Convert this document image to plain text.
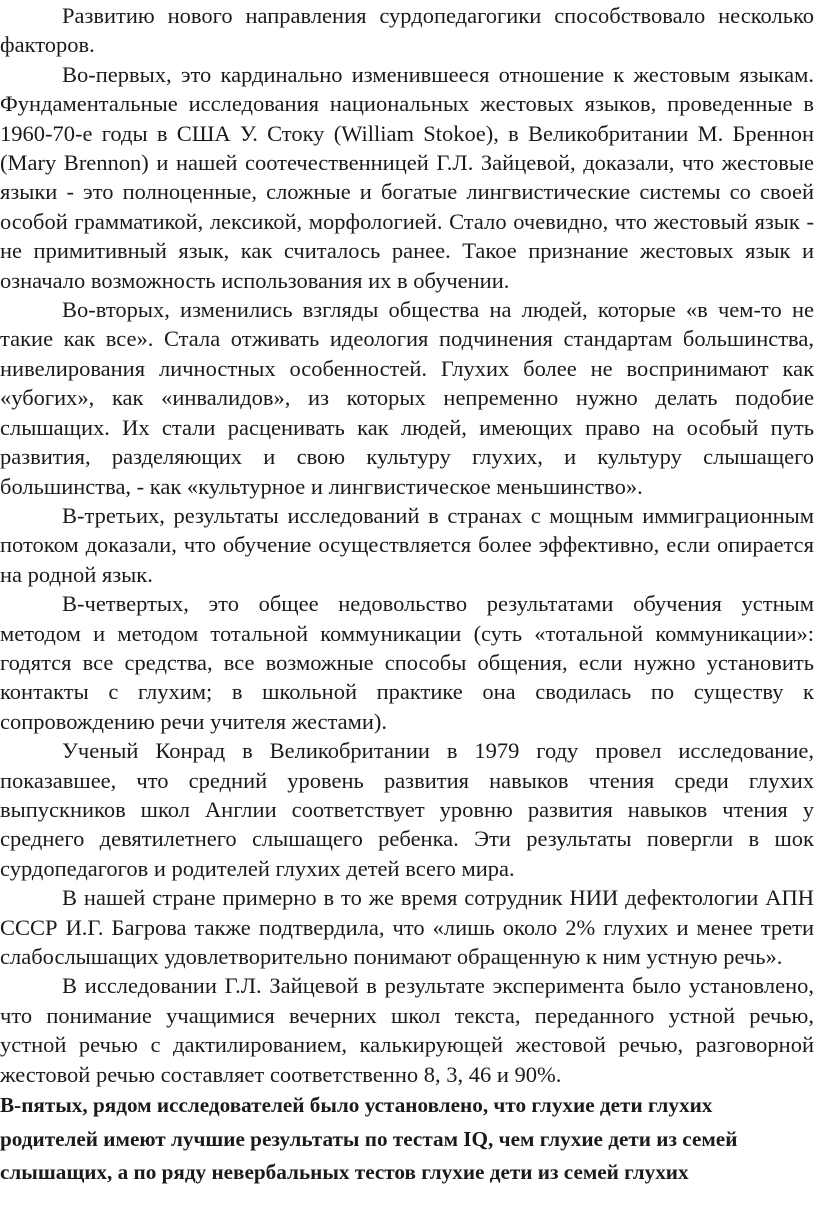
Развитию нового направления сурдопедагогики способствовало несколько факторов.

Во-первых, это кардинально изменившееся отношение к жестовым языкам. Фундаментальные исследования национальных жестовых языков, проведенные в 1960-70-е годы в США У. Стоку (William Stokoe), в Великобритании М. Бреннон (Mary Brennon) и нашей соотечественницей Г.Л. Зайцевой, доказали, что жестовые языки - это полноценные, сложные и богатые лингвистические системы со своей особой грамматикой, лексикой, морфологией. Стало очевидно, что жестовый язык - не примитивный язык, как считалось ранее. Такое признание жестовых язык и означало возможность использования их в обучении.

Во-вторых, изменились взгляды общества на людей, которые «в чем-то не такие как все». Стала отживать идеология подчинения стандартам большинства, нивелирования личностных особенностей. Глухих более не воспринимают как «убогих», как «инвалидов», из которых непременно нужно делать подобие слышащих. Их стали расценивать как людей, имеющих право на особый путь развития, разделяющих и свою культуру глухих, и культуру слышащего большинства, - как «культурное и лингвистическое меньшинство».

В-третьих, результаты исследований в странах с мощным иммиграционным потоком доказали, что обучение осуществляется более эффективно, если опирается на родной язык.

В-четвертых, это общее недовольство результатами обучения устным методом и методом тотальной коммуникации (суть «тотальной коммуникации»: годятся все средства, все возможные способы общения, если нужно установить контакты с глухим; в школьной практике она сводилась по существу к сопровождению речи учителя жестами).

Ученый Конрад в Великобритании в 1979 году провел исследование, показавшее, что средний уровень развития навыков чтения среди глухих выпускников школ Англии соответствует уровню развития навыков чтения у среднего девятилетнего слышащего ребенка. Эти результаты повергли в шок сурдопедагогов и родителей глухих детей всего мира.

В нашей стране примерно в то же время сотрудник НИИ дефектологии АПН СССР И.Г. Багрова также подтвердила, что «лишь около 2% глухих и менее трети слабослышащих удовлетворительно понимают обращенную к ним устную речь».

В исследовании Г.Л. Зайцевой в результате эксперимента было установлено, что понимание учащимися вечерних школ текста, переданного устной речью, устной речью с дактилированием, калькирующей жестовой речью, разговорной жестовой речью составляет соответственно 8, 3, 46 и 90%.

В-пятых, рядом исследователей было установлено, что глухие дети глухих родителей имеют лучшие результаты по тестам IQ, чем глухие дети из семей слышащих, а по ряду невербальных тестов глухие дети из семей глухих
